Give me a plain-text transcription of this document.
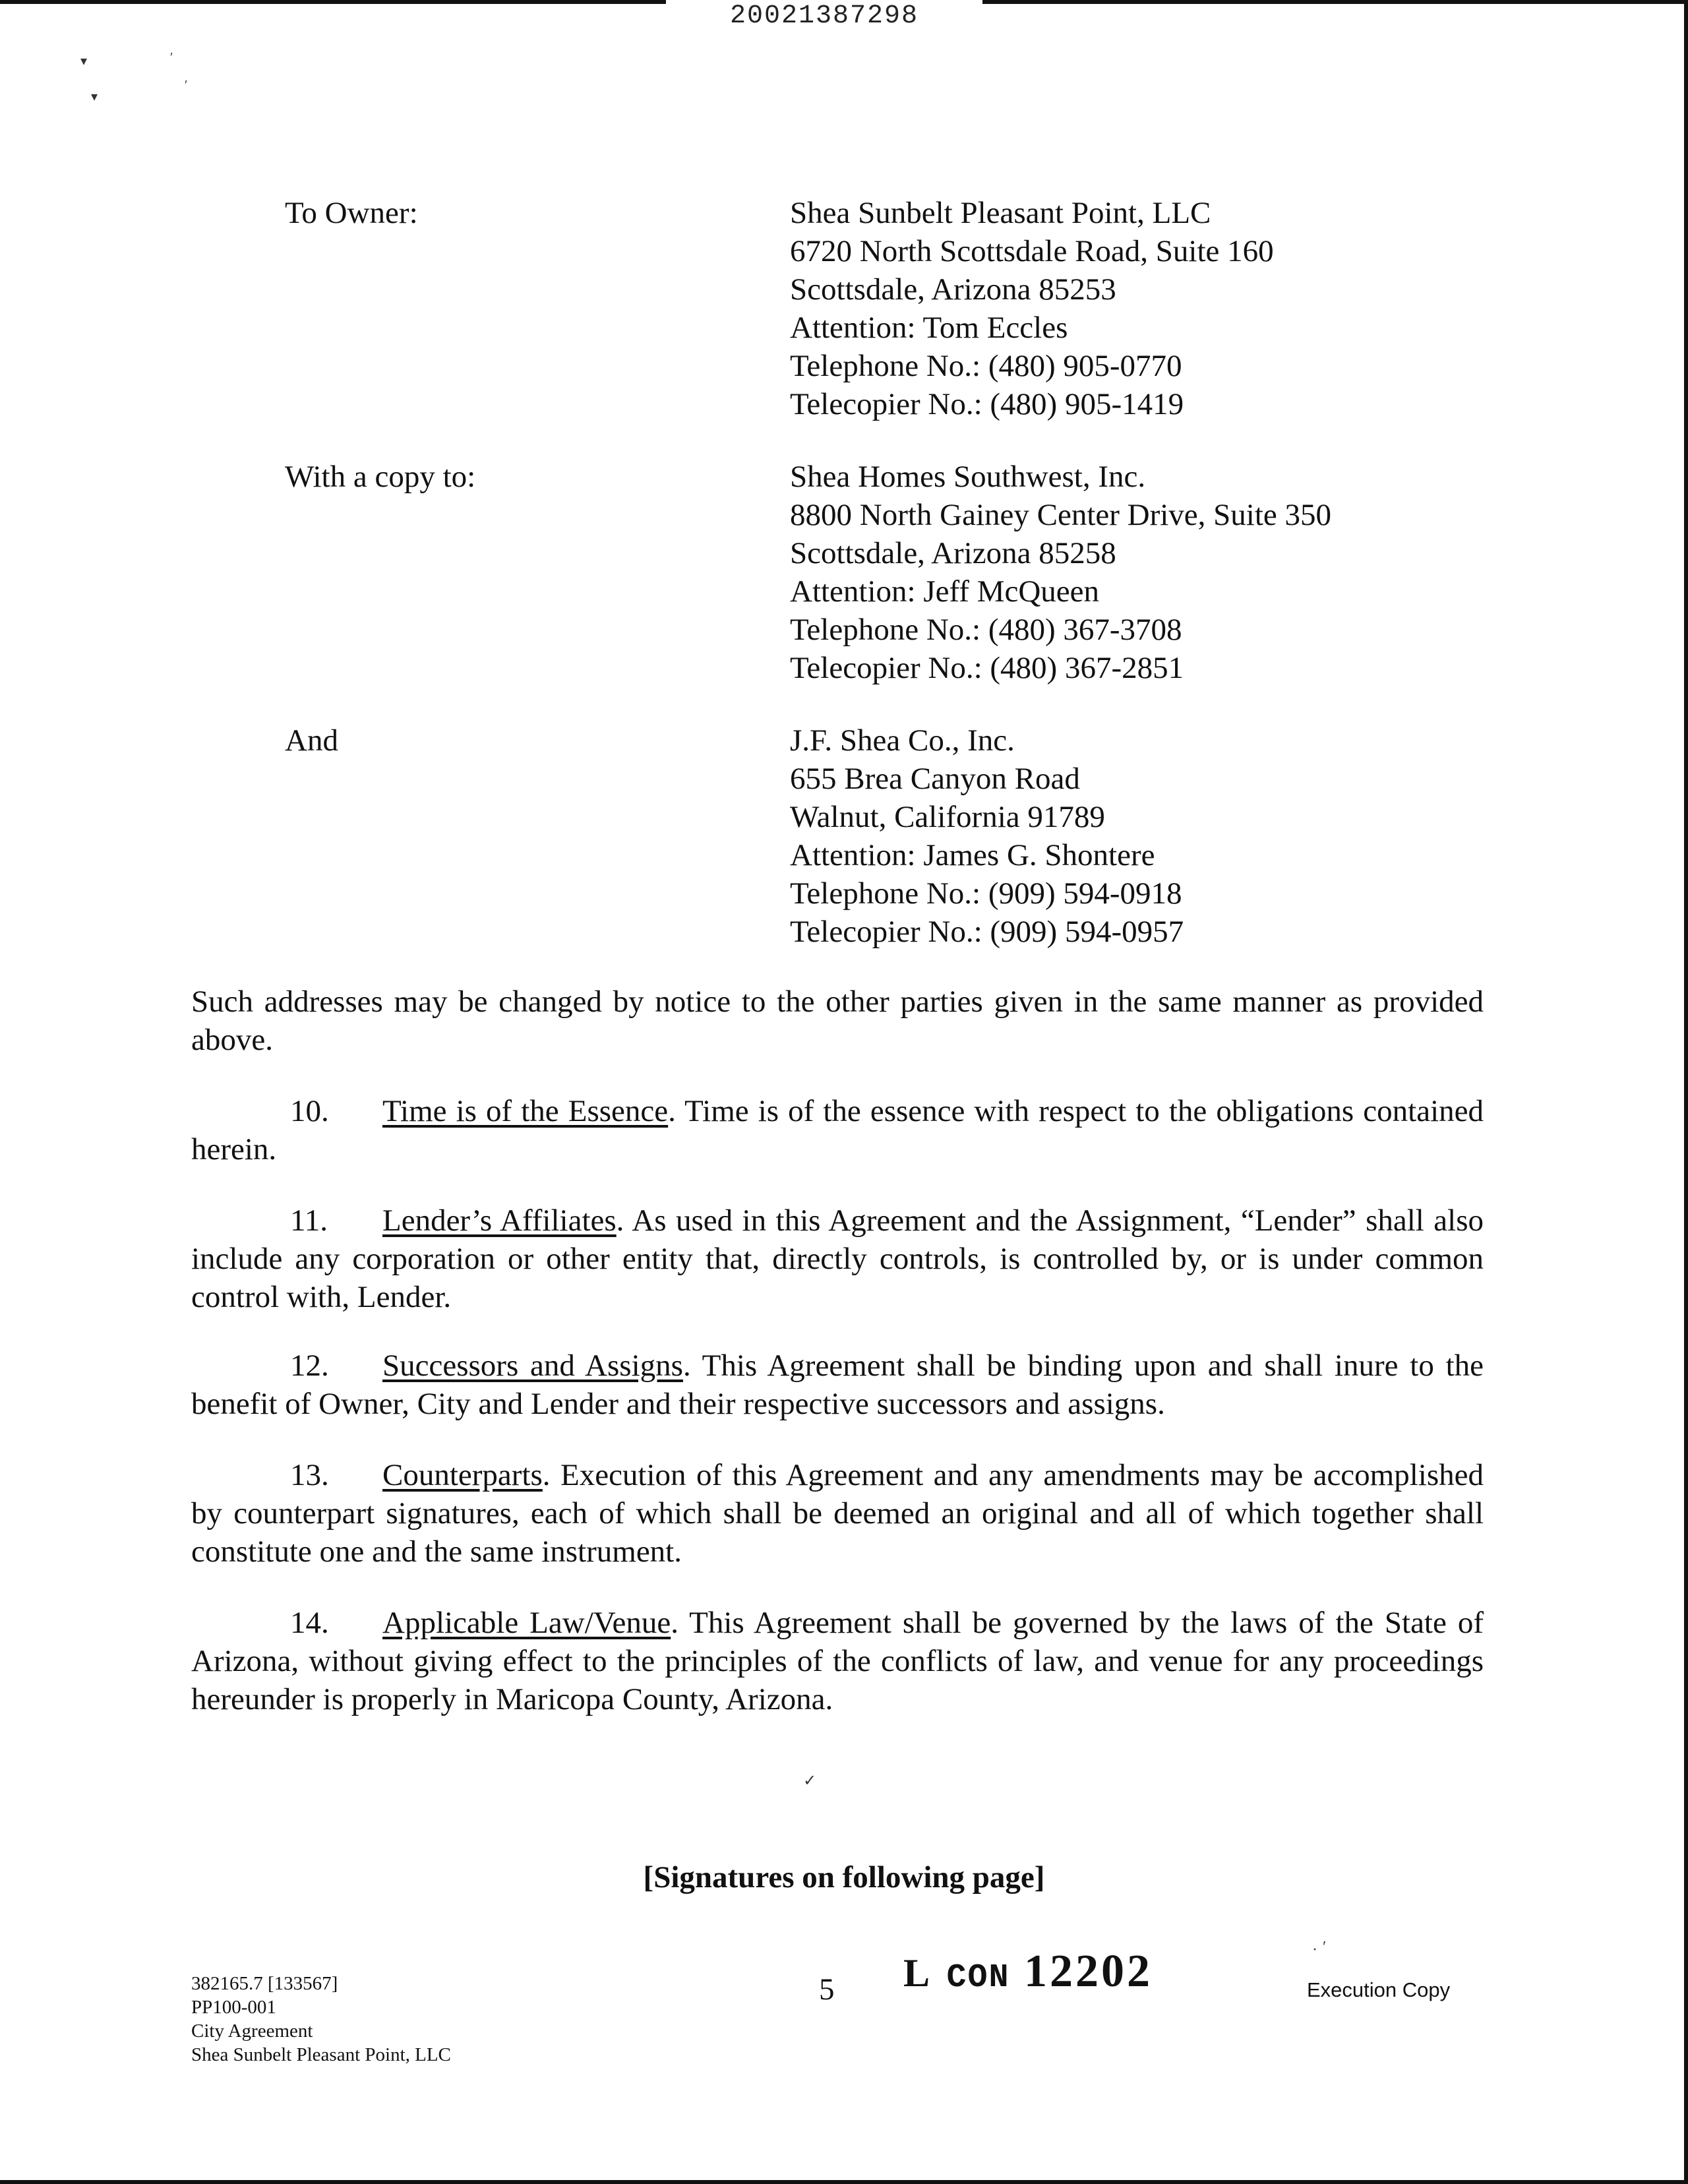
20021387298
▾	′
▾
′
To Owner:	Shea Sunbelt Pleasant Point, LLC
6720 North Scottsdale Road, Suite 160
Scottsdale, Arizona 85253
Attention: Tom Eccles
Telephone No.: (480) 905-0770
Telecopier No.: (480) 905-1419
With a copy to:	Shea Homes Southwest, Inc.
8800 North Gainey Center Drive, Suite 350
Scottsdale, Arizona 85258
Attention: Jeff McQueen
Telephone No.: (480) 367-3708
Telecopier No.: (480) 367-2851
And	J.F. Shea Co., Inc.
655 Brea Canyon Road
Walnut, California 91789
Attention: James G. Shontere
Telephone No.: (909) 594-0918
Telecopier No.: (909) 594-0957
Such addresses may be changed by notice to the other parties given in the same manner as provided above.
10. Time is of the Essence. Time is of the essence with respect to the obligations contained herein.
11. Lender’s Affiliates. As used in this Agreement and the Assignment, “Lender” shall also include any corporation or other entity that, directly controls, is controlled by, or is under common control with, Lender.
12. Successors and Assigns. This Agreement shall be binding upon and shall inure to the benefit of Owner, City and Lender and their respective successors and assigns.
13. Counterparts. Execution of this Agreement and any amendments may be accomplished by counterpart signatures, each of which shall be deemed an original and all of which together shall constitute one and the same instrument.
14. Applicable Law/Venue. This Agreement shall be governed by the laws of the State of Arizona, without giving effect to the principles of the conflicts of law, and venue for any proceedings hereunder is properly in Maricopa County, Arizona.
✓
[Signatures on following page]
382165.7 [133567]
PP100-001
City Agreement
Shea Sunbelt Pleasant Point, LLC
5 L CON 12202	· ′
Execution Copy
